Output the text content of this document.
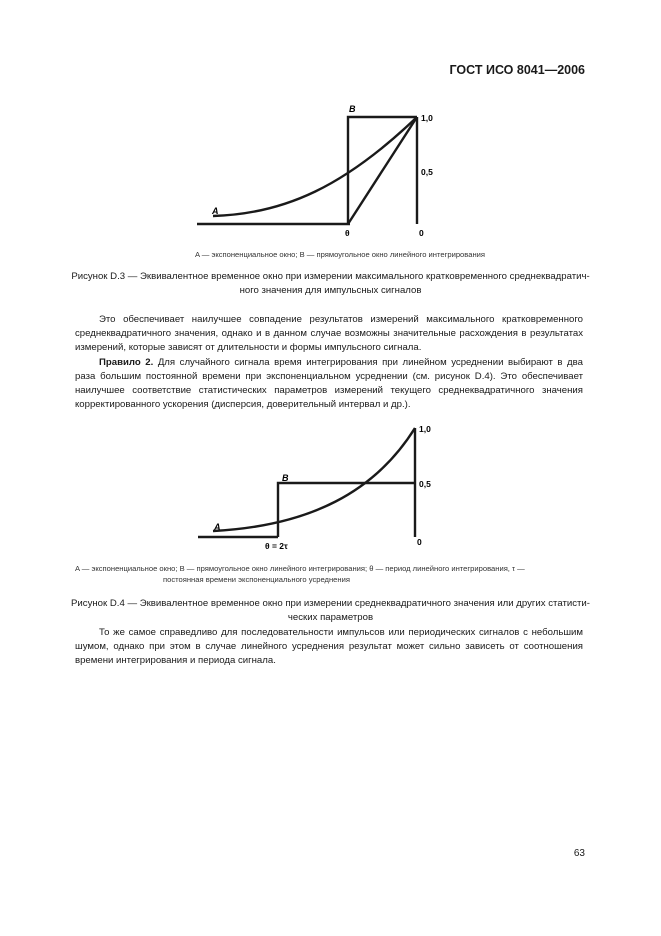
ГОСТ ИСО 8041—2006
B
A
1,0
0,5
θ	0
B
A
1,0
0,5
θ = 2τ	0
A — экспоненциальное окно; B — прямоугольное окно линейного интегрирования
Рисунок D.3 — Эквивалентное временное окно при измерении максимального кратковременного среднеквадратич-
ного значения для импульсных сигналов
Это обеспечивает наилучшее совпадение результатов измерений максимального кратковременного среднеквадратичного значения, однако и в данном случае возможны значительные расхождения в результатах измерений, которые зависят от длительности и формы импульсного сигнала.
Правило 2. Для случайного сигнала время интегрирования при линейном усреднении выбирают в два раза большим постоянной времени при экспоненциальном усреднении (см. рисунок D.4). Это обеспечивает наилучшее соответствие статистических параметров измерений текущего среднеквадратичного значения корректированного ускорения (дисперсия, доверительный интервал и др.).
A — экспоненциальное окно; B — прямоугольное окно линейного интегрирования; θ — период линейного интегрирования, τ —
постоянная времени экспоненциального усреднения
Рисунок D.4 — Эквивалентное временное окно при измерении среднеквадратичного значения или других статисти-
ческих параметров
То же самое справедливо для последовательности импульсов или периодических сигналов с небольшим шумом, однако при этом в случае линейного усреднения результат может сильно зависеть от соотношения времени интегрирования и периода сигнала.
63
